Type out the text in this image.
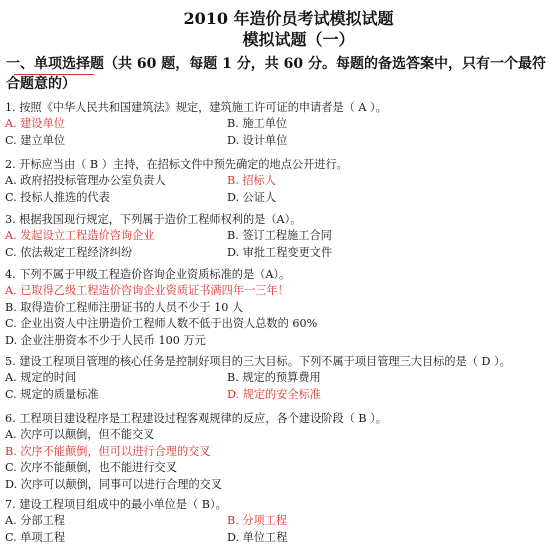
2010 年造价员考试模拟试题
模拟试题（一）
一、单项选择题（共 60 题，每题 1 分，共 60 分。每题的备选答案中，只有一个最符合题意的）
1. 按照《中华人民共和国建筑法》规定，建筑施工许可证的申请者是（ A ）。
A. 建设单位	B. 施工单位
C. 建立单位	D. 设计单位
2. 开标应当由（ B ）主持，在招标文件中预先确定的地点公开进行。
A. 政府招投标管理办公室负责人	B. 招标人
C. 投标人推选的代表	D. 公证人
3. 根据我国现行规定，下列属于造价工程师权利的是（A）。
A. 发起设立工程造价咨询企业	B. 签订工程施工合同
C. 依法裁定工程经济纠纷	D. 审批工程变更文件
4. 下列不属于甲级工程造价咨询企业资质标准的是（A）。
A. 已取得乙级工程造价咨询企业资质证书满四年一三年！
B. 取得造价工程师注册证书的人员不少于 10 人
C. 企业出资人中注册造价工程师人数不低于出资人总数的 60%
D. 企业注册资本不少于人民币 100 万元
5. 建设工程项目管理的核心任务是控制好项目的三大目标。下列不属于项目管理三大目标的是（ D ）。
A. 规定的时间	B. 规定的预算费用
C. 规定的质量标准	D. 规定的安全标准
6. 工程项目建设程序是工程建设过程客观规律的反应，各个建设阶段（ B ）。
A. 次序可以颠倒，但不能交叉
B. 次序不能颠倒，但可以进行合理的交叉
C. 次序不能颠倒，也不能进行交叉
D. 次序可以颠倒，同事可以进行合理的交叉
7. 建设工程项目组成中的最小单位是（ B）。
A. 分部工程	B. 分项工程
C. 单项工程	D. 单位工程
